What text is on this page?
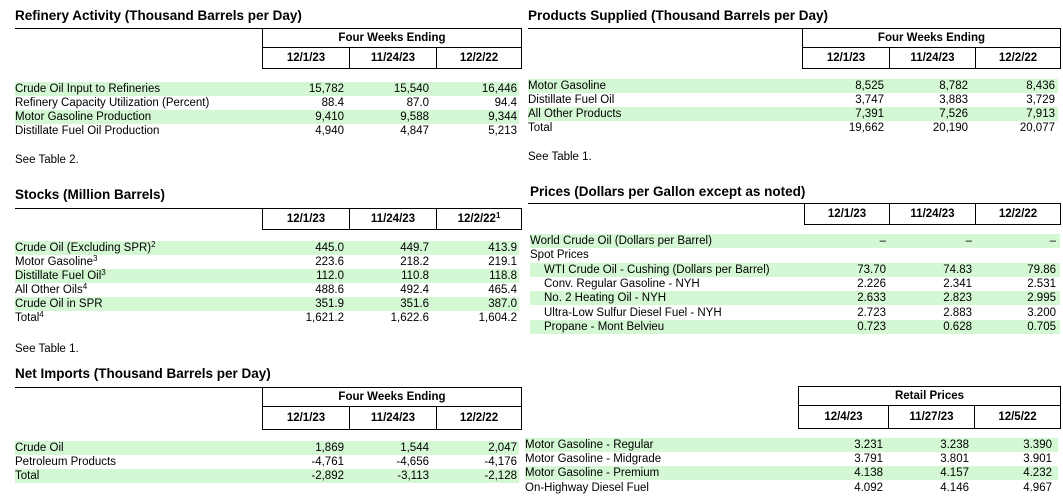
Refinery Activity (Thousand Barrels per Day)
Four Weeks Ending
12/1/23	11/24/23	12/2/22
Crude Oil Input to Refineries	15,782	15,540	16,446
Refinery Capacity Utilization (Percent)	88.4	87.0	94.4
Motor Gasoline Production	9,410	9,588	9,344
Distillate Fuel Oil Production	4,940	4,847	5,213
See Table 2.
Stocks (Million Barrels)
12/1/23	11/24/23	$12/2/22^1$
Crude Oil (Excluding SPR)$^2$	445.0	449.7	413.9
Motor Gasoline$^3$	223.6	218.2	219.1
Distillate Fuel Oil$^3$	112.0	110.8	118.8
All Other Oils$^4$	488.6	492.4	465.4
Crude Oil in SPR	351.9	351.6	387.0
Total$^4$	1,621.2	1,622.6	1,604.2
See Table 1.
Net Imports (Thousand Barrels per Day)
Four Weeks Ending
12/1/23	11/24/23	12/2/22
Crude Oil	1,869	1,544	2,047
Petroleum Products	-4,761	-4,656	-4,176
Total	-2,892	-3,113	-2,128
Products Supplied (Thousand Barrels per Day)
Four Weeks Ending
12/1/23	11/24/23	12/2/22
Motor Gasoline	8,525	8,782	8,436
Distillate Fuel Oil	3,747	3,883	3,729
All Other Products	7,391	7,526	7,913
Total	19,662	20,190	20,077
See Table 1.
Prices (Dollars per Gallon except as noted)
12/1/23	11/24/23	12/2/22
World Crude Oil (Dollars per Barrel)	–	–	–
Spot Prices
WTI Crude Oil - Cushing (Dollars per Barrel)	73.70	74.83	79.86
Conv. Regular Gasoline - NYH	2.226	2.341	2.531
No. 2 Heating Oil - NYH	2.633	2.823	2.995
Ultra-Low Sulfur Diesel Fuel - NYH	2.723	2.883	3.200
Propane - Mont Belvieu	0.723	0.628	0.705
Retail Prices
12/4/23	11/27/23	12/5/22
Motor Gasoline - Regular	3.231	3.238	3.390
Motor Gasoline - Midgrade	3.791	3.801	3.901
Motor Gasoline - Premium	4.138	4.157	4.232
On-Highway Diesel Fuel	4.092	4.146	4.967
